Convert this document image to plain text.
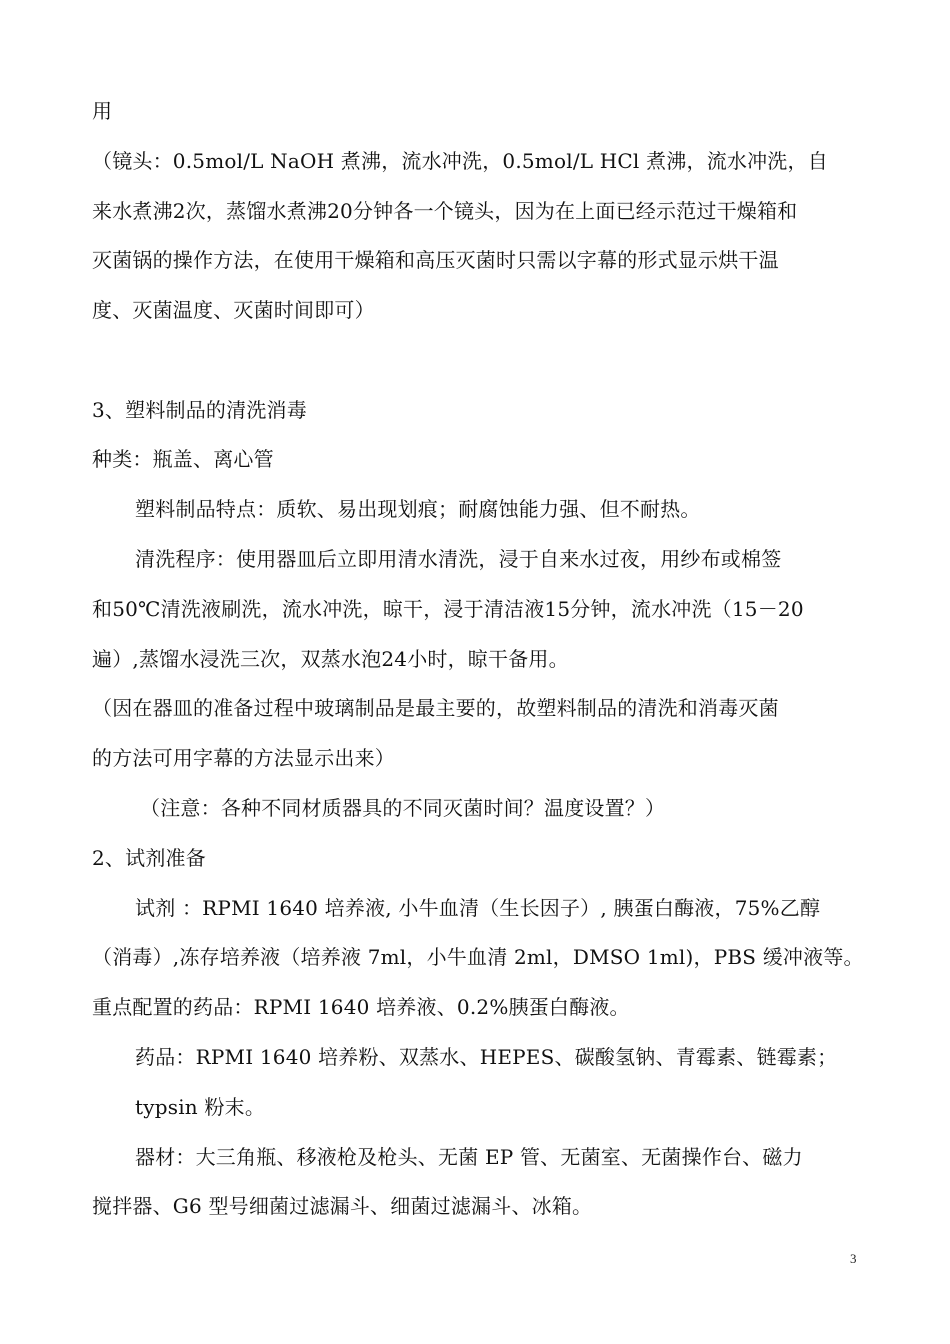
用
（镜头：0.5mol/L NaOH 煮沸，流水冲洗，0.5mol/L HCl 煮沸，流水冲洗，自
来水煮沸2次，蒸馏水煮沸20分钟各一个镜头，因为在上面已经示范过干燥箱和
灭菌锅的操作方法，在使用干燥箱和高压灭菌时只需以字幕的形式显示烘干温
度、灭菌温度、灭菌时间即可）
3、塑料制品的清洗消毒
种类：瓶盖、离心管
塑料制品特点：质软、易出现划痕；耐腐蚀能力强、但不耐热。
清洗程序：使用器皿后立即用清水清洗，浸于自来水过夜，用纱布或棉签
和50℃清洗液刷洗，流水冲洗，晾干，浸于清洁液15分钟，流水冲洗（15－20
遍）,蒸馏水浸洗三次，双蒸水泡24小时，晾干备用。
（因在器皿的准备过程中玻璃制品是最主要的，故塑料制品的清洗和消毒灭菌
的方法可用字幕的方法显示出来）
（注意：各种不同材质器具的不同灭菌时间？温度设置？）
2、试剂准备
试剂 ：RPMI 1640 培养液, 小牛血清（生长因子）, 胰蛋白酶液，75%乙醇
（消毒）,冻存培养液（培养液 7ml，小牛血清 2ml，DMSO 1ml)，PBS 缓冲液等。
重点配置的药品：RPMI 1640 培养液、0.2%胰蛋白酶液。
药品：RPMI 1640 培养粉、双蒸水、HEPES、碳酸氢钠、青霉素、链霉素；
typsin 粉末。
器材：大三角瓶、移液枪及枪头、无菌 EP 管、无菌室、无菌操作台、磁力
搅拌器、G6 型号细菌过滤漏斗、细菌过滤漏斗、冰箱。
3
